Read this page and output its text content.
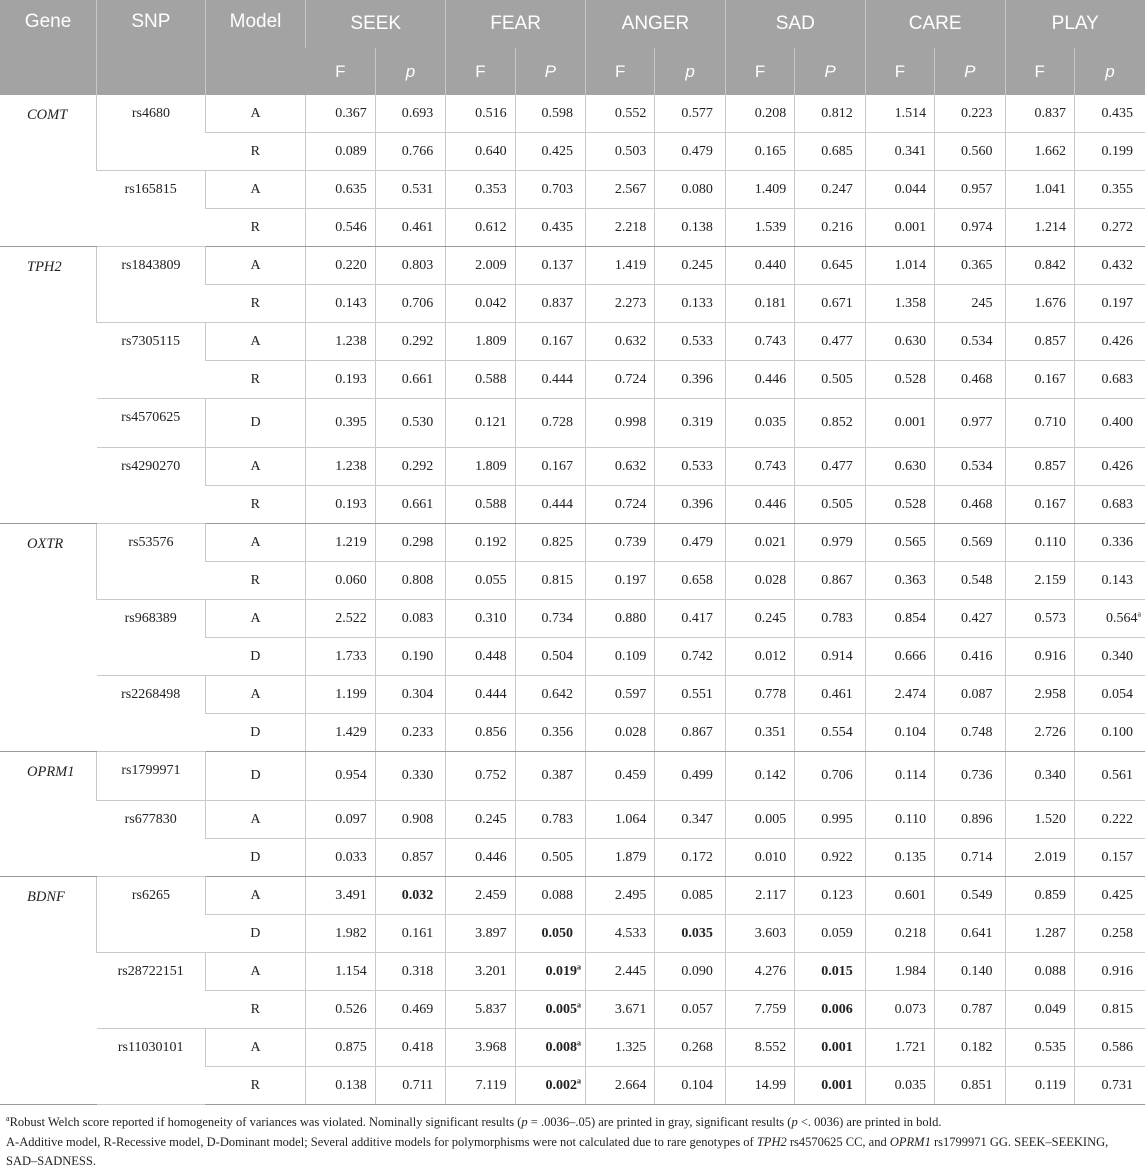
Gene	SNP	Model	SEEK		FEAR		ANGER		SAD		CARE		PLAY	
			F	p	F	P	F	p	F	P	F	P	F	p
COMT	rs4680	A	0.367	0.693	0.516	0.598	0.552	0.577	0.208	0.812	1.514	0.223	0.837	0.435
		R	0.089	0.766	0.640	0.425	0.503	0.479	0.165	0.685	0.341	0.560	1.662	0.199
	rs165815	A	0.635	0.531	0.353	0.703	2.567	0.080	1.409	0.247	0.044	0.957	1.041	0.355
		R	0.546	0.461	0.612	0.435	2.218	0.138	1.539	0.216	0.001	0.974	1.214	0.272
TPH2	rs1843809	A	0.220	0.803	2.009	0.137	1.419	0.245	0.440	0.645	1.014	0.365	0.842	0.432
		R	0.143	0.706	0.042	0.837	2.273	0.133	0.181	0.671	1.358	245	1.676	0.197
	rs7305115	A	1.238	0.292	1.809	0.167	0.632	0.533	0.743	0.477	0.630	0.534	0.857	0.426
		R	0.193	0.661	0.588	0.444	0.724	0.396	0.446	0.505	0.528	0.468	0.167	0.683
	rs4570625	D	0.395	0.530	0.121	0.728	0.998	0.319	0.035	0.852	0.001	0.977	0.710	0.400
	rs4290270	A	1.238	0.292	1.809	0.167	0.632	0.533	0.743	0.477	0.630	0.534	0.857	0.426
		R	0.193	0.661	0.588	0.444	0.724	0.396	0.446	0.505	0.528	0.468	0.167	0.683
OXTR	rs53576	A	1.219	0.298	0.192	0.825	0.739	0.479	0.021	0.979	0.565	0.569	0.110	0.336
		R	0.060	0.808	0.055	0.815	0.197	0.658	0.028	0.867	0.363	0.548	2.159	0.143
	rs968389	A	2.522	0.083	0.310	0.734	0.880	0.417	0.245	0.783	0.854	0.427	0.573	0.564$^a$
		D	1.733	0.190	0.448	0.504	0.109	0.742	0.012	0.914	0.666	0.416	0.916	0.340
	rs2268498	A	1.199	0.304	0.444	0.642	0.597	0.551	0.778	0.461	2.474	0.087	2.958	0.054
		D	1.429	0.233	0.856	0.356	0.028	0.867	0.351	0.554	0.104	0.748	2.726	0.100
OPRM1	rs1799971	D	0.954	0.330	0.752	0.387	0.459	0.499	0.142	0.706	0.114	0.736	0.340	0.561
	rs677830	A	0.097	0.908	0.245	0.783	1.064	0.347	0.005	0.995	0.110	0.896	1.520	0.222
		D	0.033	0.857	0.446	0.505	1.879	0.172	0.010	0.922	0.135	0.714	2.019	0.157
BDNF	rs6265	A	3.491	0.032	2.459	0.088	2.495	0.085	2.117	0.123	0.601	0.549	0.859	0.425
		D	1.982	0.161	3.897	0.050	4.533	0.035	3.603	0.059	0.218	0.641	1.287	0.258
	rs28722151	A	1.154	0.318	3.201	0.019$^a$	2.445	0.090	4.276	0.015	1.984	0.140	0.088	0.916
		R	0.526	0.469	5.837	0.005$^a$	3.671	0.057	7.759	0.006	0.073	0.787	0.049	0.815
	rs11030101	A	0.875	0.418	3.968	0.008$^a$	1.325	0.268	8.552	0.001	1.721	0.182	0.535	0.586
		R	0.138	0.711	7.119	0.002$^a$	2.664	0.104	14.99	0.001	0.035	0.851	0.119	0.731
$^a$Robust Welch score reported if homogeneity of variances was violated. Nominally significant results (p = .0036–.05) are printed in gray, significant results (p <. 0036) are printed in bold.
A-Additive model, R-Recessive model, D-Dominant model; Several additive models for polymorphisms were not calculated due to rare genotypes of TPH2 rs4570625 CC, and OPRM1 rs1799971 GG. SEEK–SEEKING, SAD–SADNESS.
